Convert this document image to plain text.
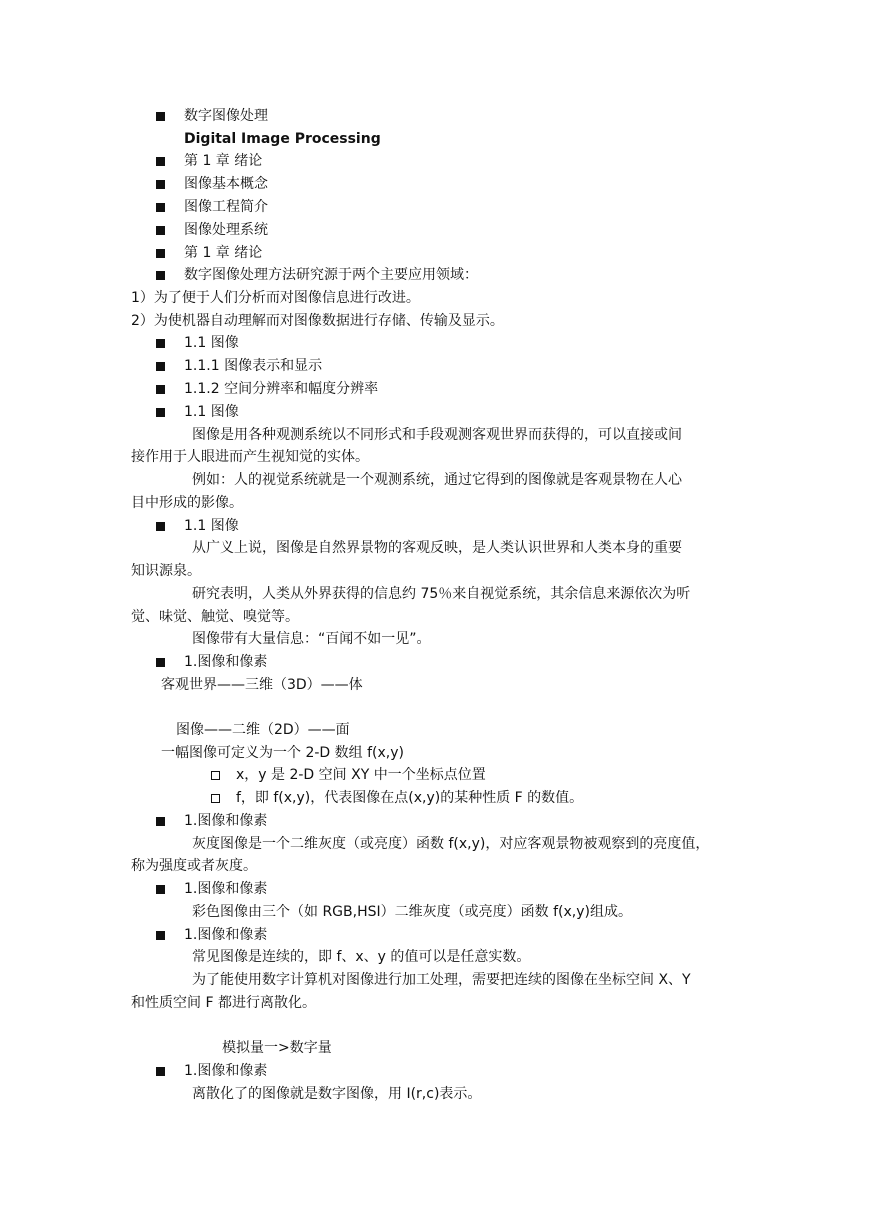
数字图像处理
Digital Image Processing
第 1 章 绪论
图像基本概念
图像工程简介
图像处理系统
第 1 章 绪论
数字图像处理方法研究源于两个主要应用领域：
1）为了便于人们分析而对图像信息进行改进。
2）为使机器自动理解而对图像数据进行存储、传输及显示。
1.1 图像
1.1.1 图像表示和显示
1.1.2 空间分辨率和幅度分辨率
1.1 图像
图像是用各种观测系统以不同形式和手段观测客观世界而获得的，可以直接或间
接作用于人眼进而产生视知觉的实体。
例如：人的视觉系统就是一个观测系统，通过它得到的图像就是客观景物在人心
目中形成的影像。
1.1 图像
从广义上说，图像是自然界景物的客观反映，是人类认识世界和人类本身的重要
知识源泉。
研究表明，人类从外界获得的信息约 75％来自视觉系统，其余信息来源依次为听
觉、味觉、触觉、嗅觉等。
图像带有大量信息：“百闻不如一见”。
1.图像和像素
客观世界——三维（3D）——体
图像——二维（2D）——面
一幅图像可定义为一个 2-D 数组 f(x,y)
x，y 是 2-D 空间 XY 中一个坐标点位置
f，即 f(x,y)，代表图像在点(x,y)的某种性质 F 的数值。
1.图像和像素
灰度图像是一个二维灰度（或亮度）函数 f(x,y)，对应客观景物被观察到的亮度值，
称为强度或者灰度。
1.图像和像素
彩色图像由三个（如 RGB,HSI）二维灰度（或亮度）函数 f(x,y)组成。
1.图像和像素
常见图像是连续的，即 f、x、y 的值可以是任意实数。
为了能使用数字计算机对图像进行加工处理，需要把连续的图像在坐标空间 X、Y
和性质空间 F 都进行离散化。
模拟量一>数字量
1.图像和像素
离散化了的图像就是数字图像，用 I(r,c)表示。
